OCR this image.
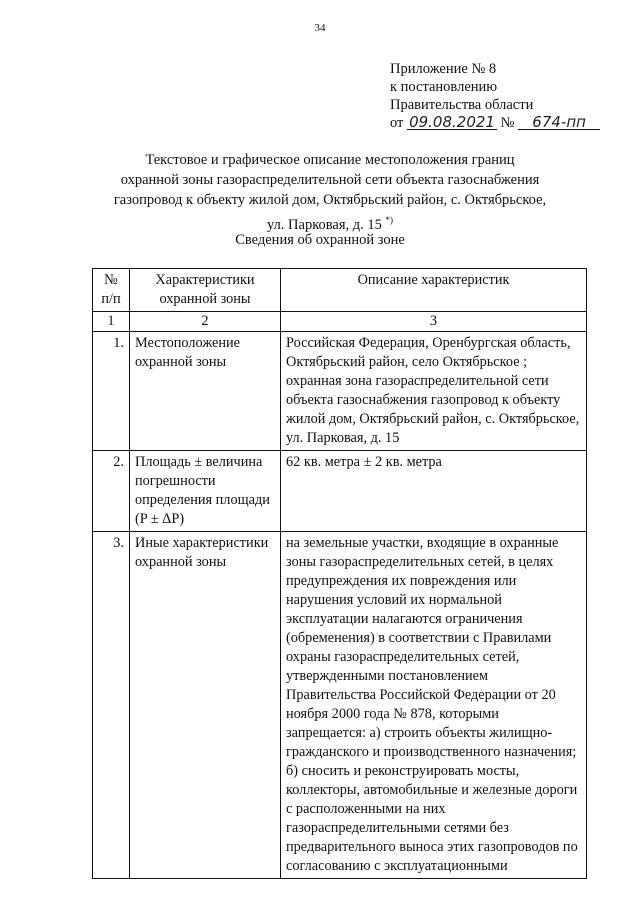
34
Приложение № 8
к постановлению
Правительства области
от 09.08.2021 № 674-пп
Текстовое и графическое описание местоположения границ
охранной зоны газораспределительной сети объекта газоснабжения
газопровод к объекту жилой дом, Октябрьский район, с. Октябрьское,
ул. Парковая, д. 15 *)
Сведения об охранной зоне
№ п/п	Характеристики охранной зоны	Описание характеристик
1	2	3
1.	Местоположение охранной зоны	Российская Федерация, Оренбургская область, Октябрьский район, село Октябрьское ; охранная зона газораспределительной сети объекта газоснабжения газопровод к объекту жилой дом, Октябрьский район, с. Октябрьское, ул. Парковая, д. 15
2.	Площадь ± величина погрешности определения площади (P ± ΔP)	62 кв. метра ± 2 кв. метра
3.	Иные характеристики охранной зоны	на земельные участки, входящие в охранные зоны газораспределительных сетей, в целях предупреждения их повреждения или нарушения условий их нормальной эксплуатации налагаются ограничения (обременения) в соответствии с Правилами охраны газораспределительных сетей, утвержденными постановлением Правительства Российской Федерации от 20 ноября 2000 года № 878, которыми запрещается: а) строить объекты жилищно-гражданского и производственного назначения; б) сносить и реконструировать мосты, коллекторы, автомобильные и железные дороги с расположенными на них газораспределительными сетями без предварительного выноса этих газопроводов по согласованию с эксплуатационными
